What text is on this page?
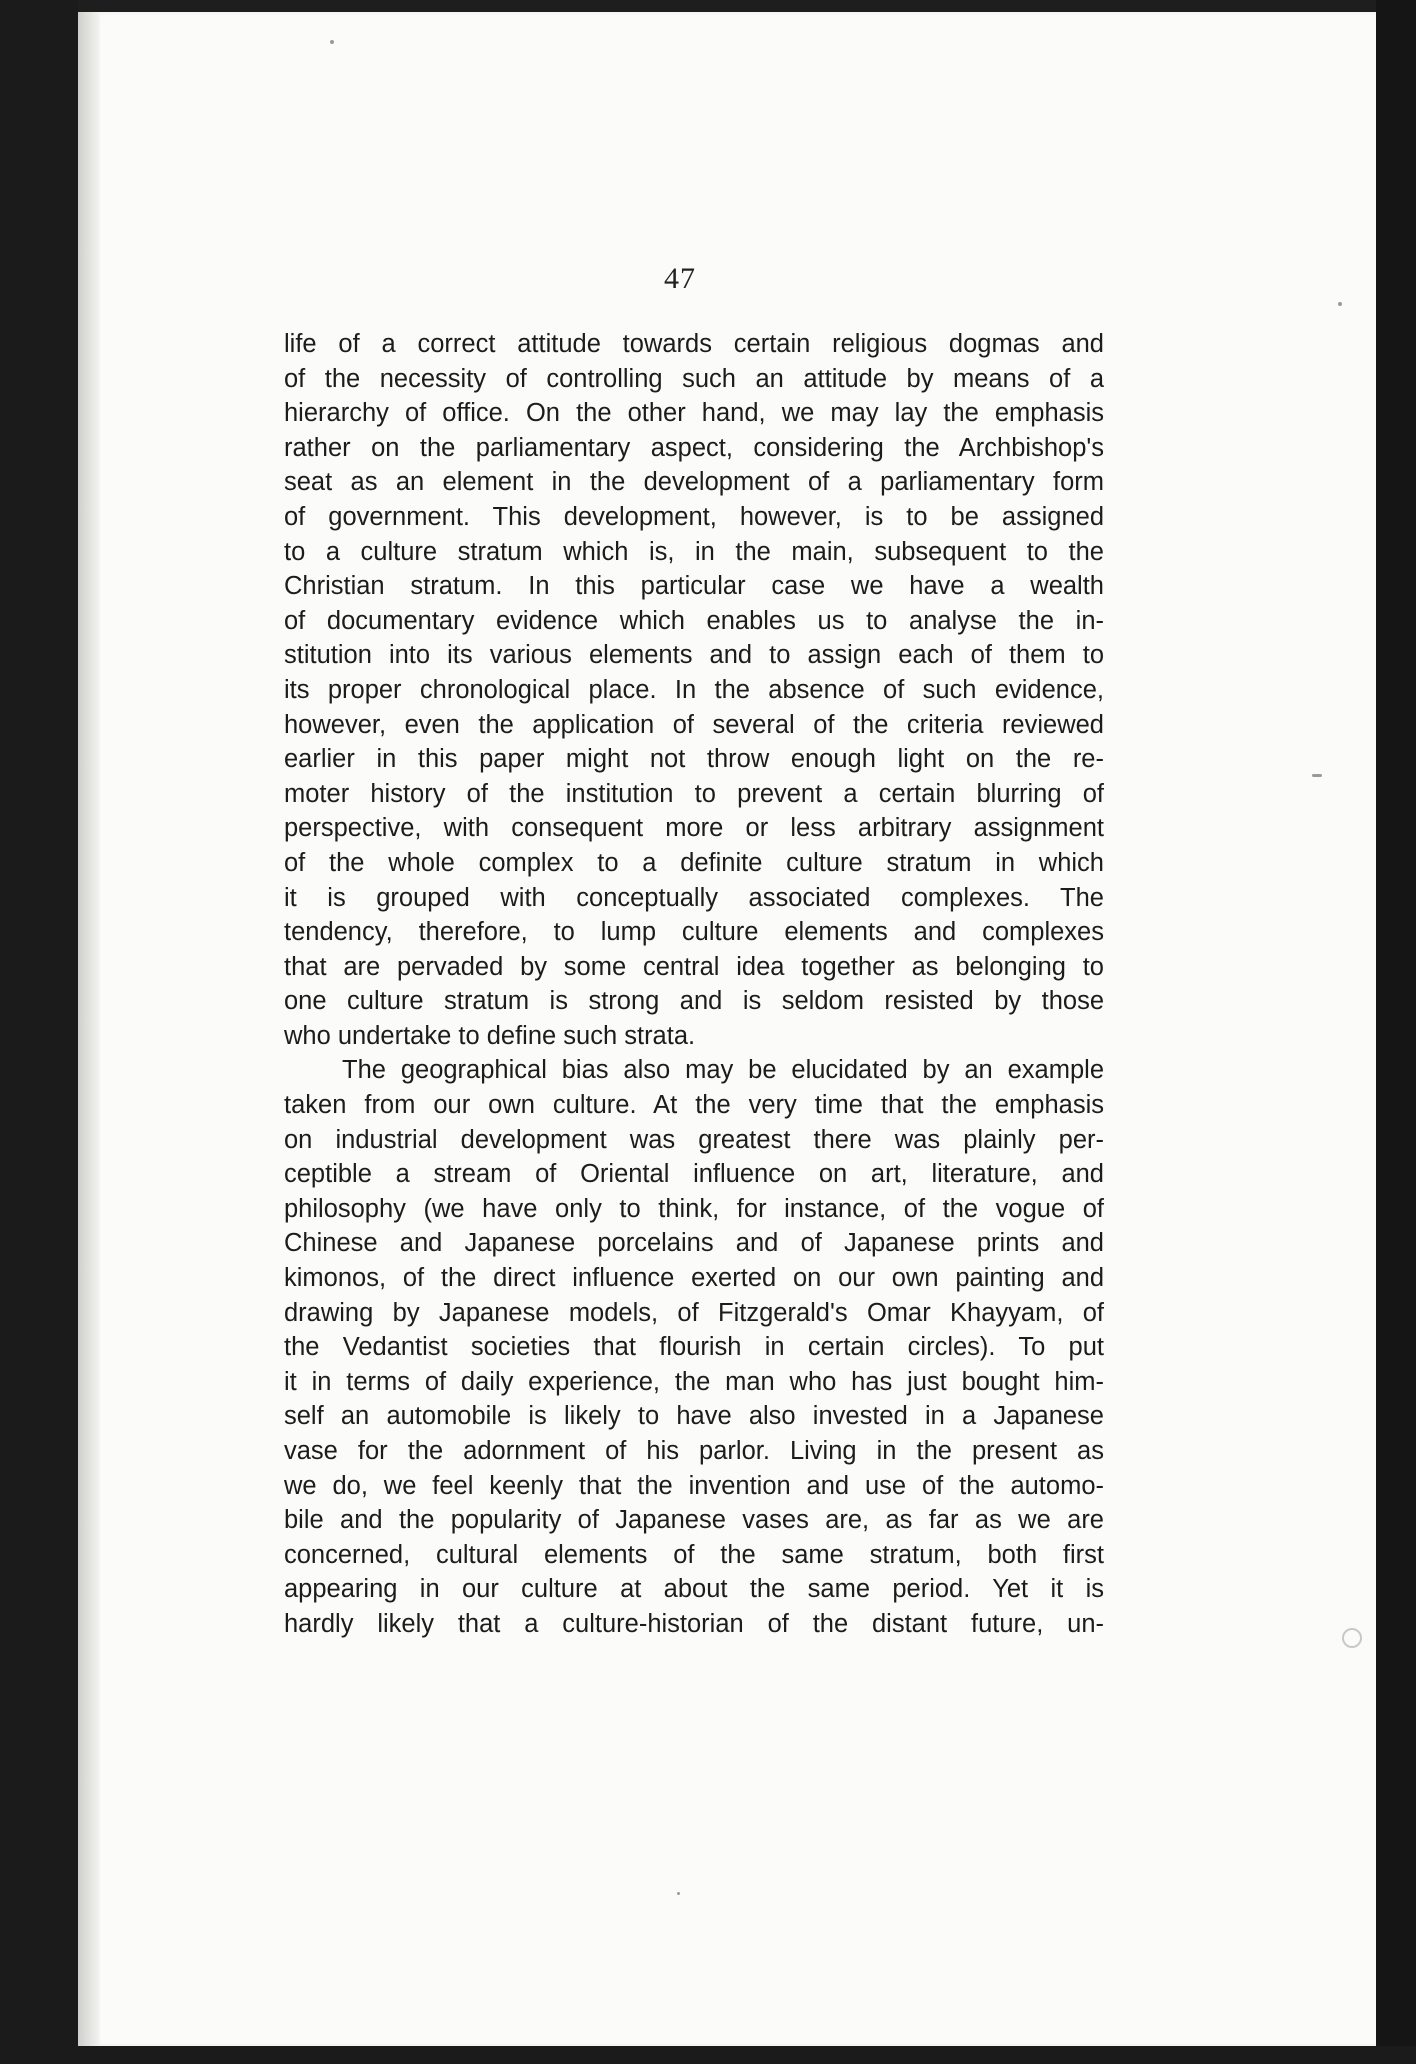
47
life of a correct attitude towards certain religious dogmas and
of the necessity of controlling such an attitude by means of a
hierarchy of office. On the other hand, we may lay the emphasis
rather on the parliamentary aspect, considering the Archbishop's
seat as an element in the development of a parliamentary form
of government. This development, however, is to be assigned
to a culture stratum which is, in the main, subsequent to the
Christian stratum. In this particular case we have a wealth
of documentary evidence which enables us to analyse the in-
stitution into its various elements and to assign each of them to
its proper chronological place. In the absence of such evidence,
however, even the application of several of the criteria reviewed
earlier in this paper might not throw enough light on the re-
moter history of the institution to prevent a certain blurring of
perspective, with consequent more or less arbitrary assignment
of the whole complex to a definite culture stratum in which
it is grouped with conceptually associated complexes. The
tendency, therefore, to lump culture elements and complexes
that are pervaded by some central idea together as belonging to
one culture stratum is strong and is seldom resisted by those
who undertake to define such strata.
The geographical bias also may be elucidated by an example
taken from our own culture. At the very time that the emphasis
on industrial development was greatest there was plainly per-
ceptible a stream of Oriental influence on art, literature, and
philosophy (we have only to think, for instance, of the vogue of
Chinese and Japanese porcelains and of Japanese prints and
kimonos, of the direct influence exerted on our own painting and
drawing by Japanese models, of Fitzgerald's Omar Khayyam, of
the Vedantist societies that flourish in certain circles). To put
it in terms of daily experience, the man who has just bought him-
self an automobile is likely to have also invested in a Japanese
vase for the adornment of his parlor. Living in the present as
we do, we feel keenly that the invention and use of the automo-
bile and the popularity of Japanese vases are, as far as we are
concerned, cultural elements of the same stratum, both first
appearing in our culture at about the same period. Yet it is
hardly likely that a culture-historian of the distant future, un-
